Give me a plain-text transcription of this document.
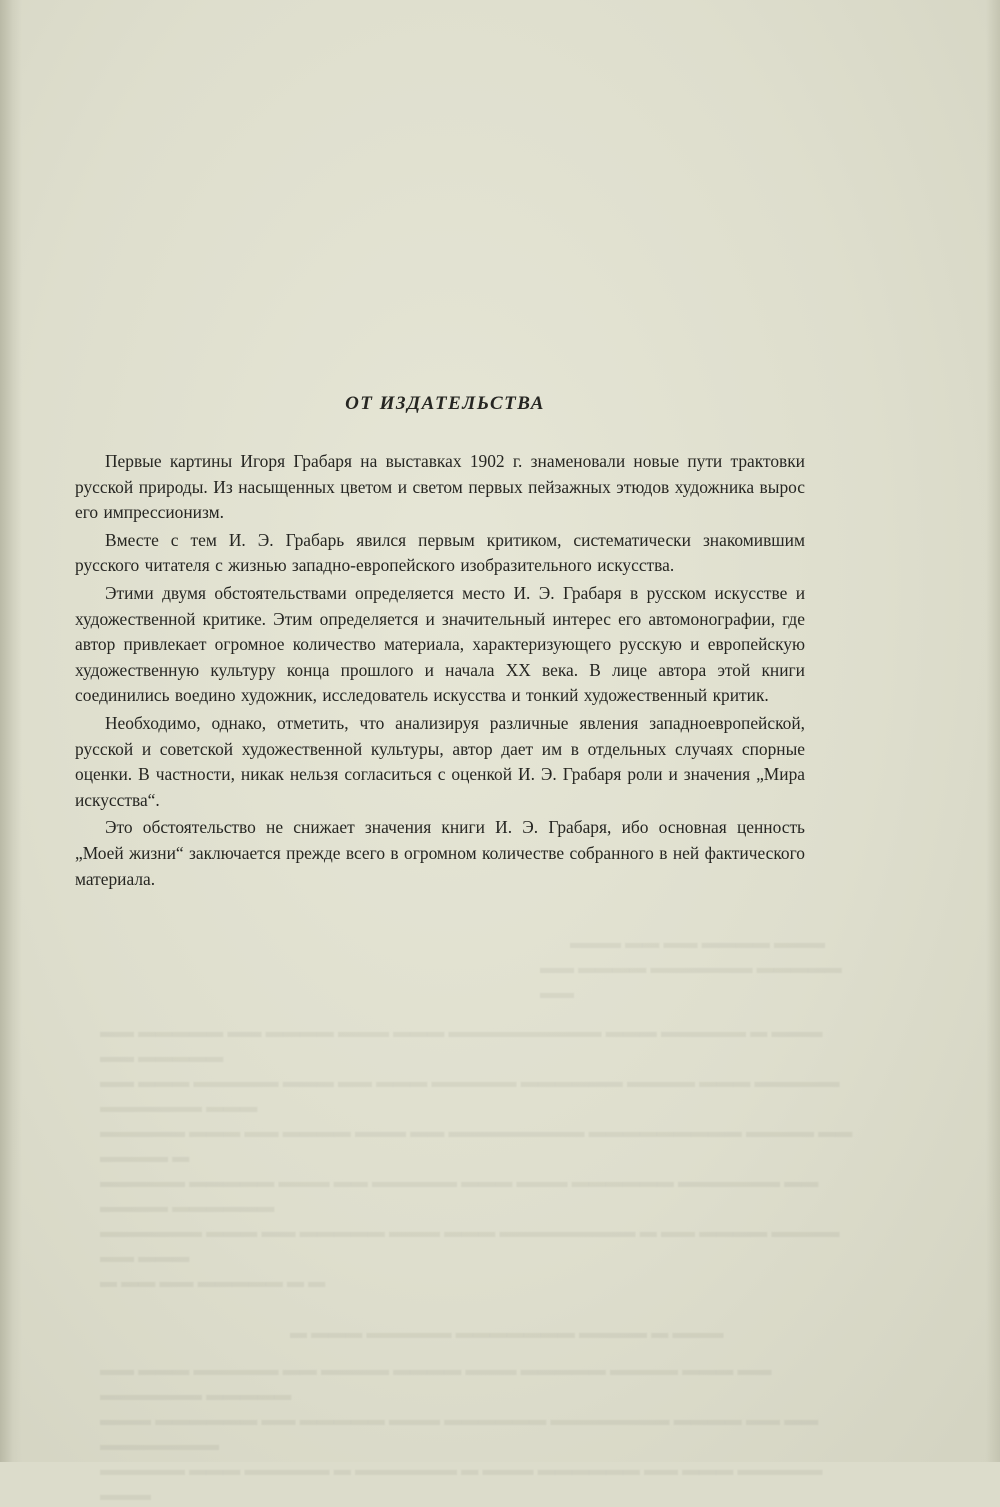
▬▬▬ ▬▬ ▬▬ ▬▬▬▬ ▬▬▬
▬▬ ▬▬▬▬ ▬▬▬▬▬▬ ▬▬▬▬▬ ▬▬
▬▬ ▬▬▬▬▬ ▬▬ ▬▬▬▬ ▬▬▬ ▬▬▬ ▬▬▬▬▬▬▬▬▬ ▬▬▬ ▬▬▬▬▬ ▬ ▬▬▬ ▬▬ ▬▬▬▬▬
▬▬ ▬▬▬ ▬▬▬▬▬ ▬▬▬ ▬▬ ▬▬▬ ▬▬▬▬▬ ▬▬▬▬▬▬ ▬▬▬▬ ▬▬▬ ▬▬▬▬▬ ▬▬▬▬▬▬ ▬▬▬
▬▬▬▬▬ ▬▬▬ ▬▬ ▬▬▬▬ ▬▬▬ ▬▬ ▬▬▬▬▬▬▬▬ ▬▬▬▬▬▬▬▬▬ ▬▬▬▬ ▬▬ ▬▬▬▬ ▬
▬▬▬▬▬ ▬▬▬▬▬ ▬▬▬ ▬▬ ▬▬▬▬▬ ▬▬▬ ▬▬▬ ▬▬▬▬▬▬ ▬▬▬▬▬▬ ▬▬ ▬▬▬▬ ▬▬▬▬▬▬
▬▬▬▬▬▬ ▬▬▬ ▬▬ ▬▬▬▬▬ ▬▬▬ ▬▬▬ ▬▬▬▬▬▬▬▬ ▬ ▬▬ ▬▬▬▬ ▬▬▬▬ ▬▬ ▬▬▬
▬ ▬▬ ▬▬ ▬▬▬▬▬ ▬ ▬
▬ ▬▬▬ ▬▬▬▬▬ ▬▬▬▬▬▬▬ ▬▬▬▬ ▬ ▬▬▬
▬▬ ▬▬▬ ▬▬▬▬▬ ▬▬ ▬▬▬▬ ▬▬▬▬ ▬▬▬ ▬▬▬▬▬ ▬▬▬▬ ▬▬▬ ▬▬ ▬▬▬▬▬▬ ▬▬▬▬▬
▬▬▬ ▬▬▬▬▬▬ ▬▬ ▬▬▬▬▬ ▬▬▬ ▬▬▬▬▬▬ ▬▬▬▬▬▬▬ ▬▬▬▬ ▬▬ ▬▬ ▬▬▬▬▬▬▬
▬▬▬▬▬ ▬▬▬ ▬▬▬▬▬ ▬ ▬▬▬▬▬▬ ▬ ▬▬▬ ▬▬▬▬▬▬ ▬▬ ▬▬▬ ▬▬▬▬▬ ▬▬▬
ОТ ИЗДАТЕЛЬСТВА

Первые картины Игоря Грабаря на выставках 1902 г. знаменовали новые пути трактовки русской природы. Из насыщенных цветом и светом первых пейзажных этюдов художника вырос его импрессионизм.

Вместе с тем И. Э. Грабарь явился первым критиком, систематически знакомившим русского читателя с жизнью западно-европейского изобразительного искусства.

Этими двумя обстоятельствами определяется место И. Э. Грабаря в русском искусстве и художественной критике. Этим определяется и значительный интерес его автомонографии, где автор привлекает огромное количество материала, характеризующего русскую и европейскую художественную культуру конца прошлого и начала XX века. В лице автора этой книги соединились воедино художник, исследователь искусства и тонкий художественный критик.

Необходимо, однако, отметить, что анализируя различные явления западноевропейской, русской и советской художественной культуры, автор дает им в отдельных случаях спорные оценки. В частности, никак нельзя согласиться с оценкой И. Э. Грабаря роли и значения „Мира искусства“.

Это обстоятельство не снижает значения книги И. Э. Грабаря, ибо основная ценность „Моей жизни“ заключается прежде всего в огромном количестве собранного в ней фактического материала.
